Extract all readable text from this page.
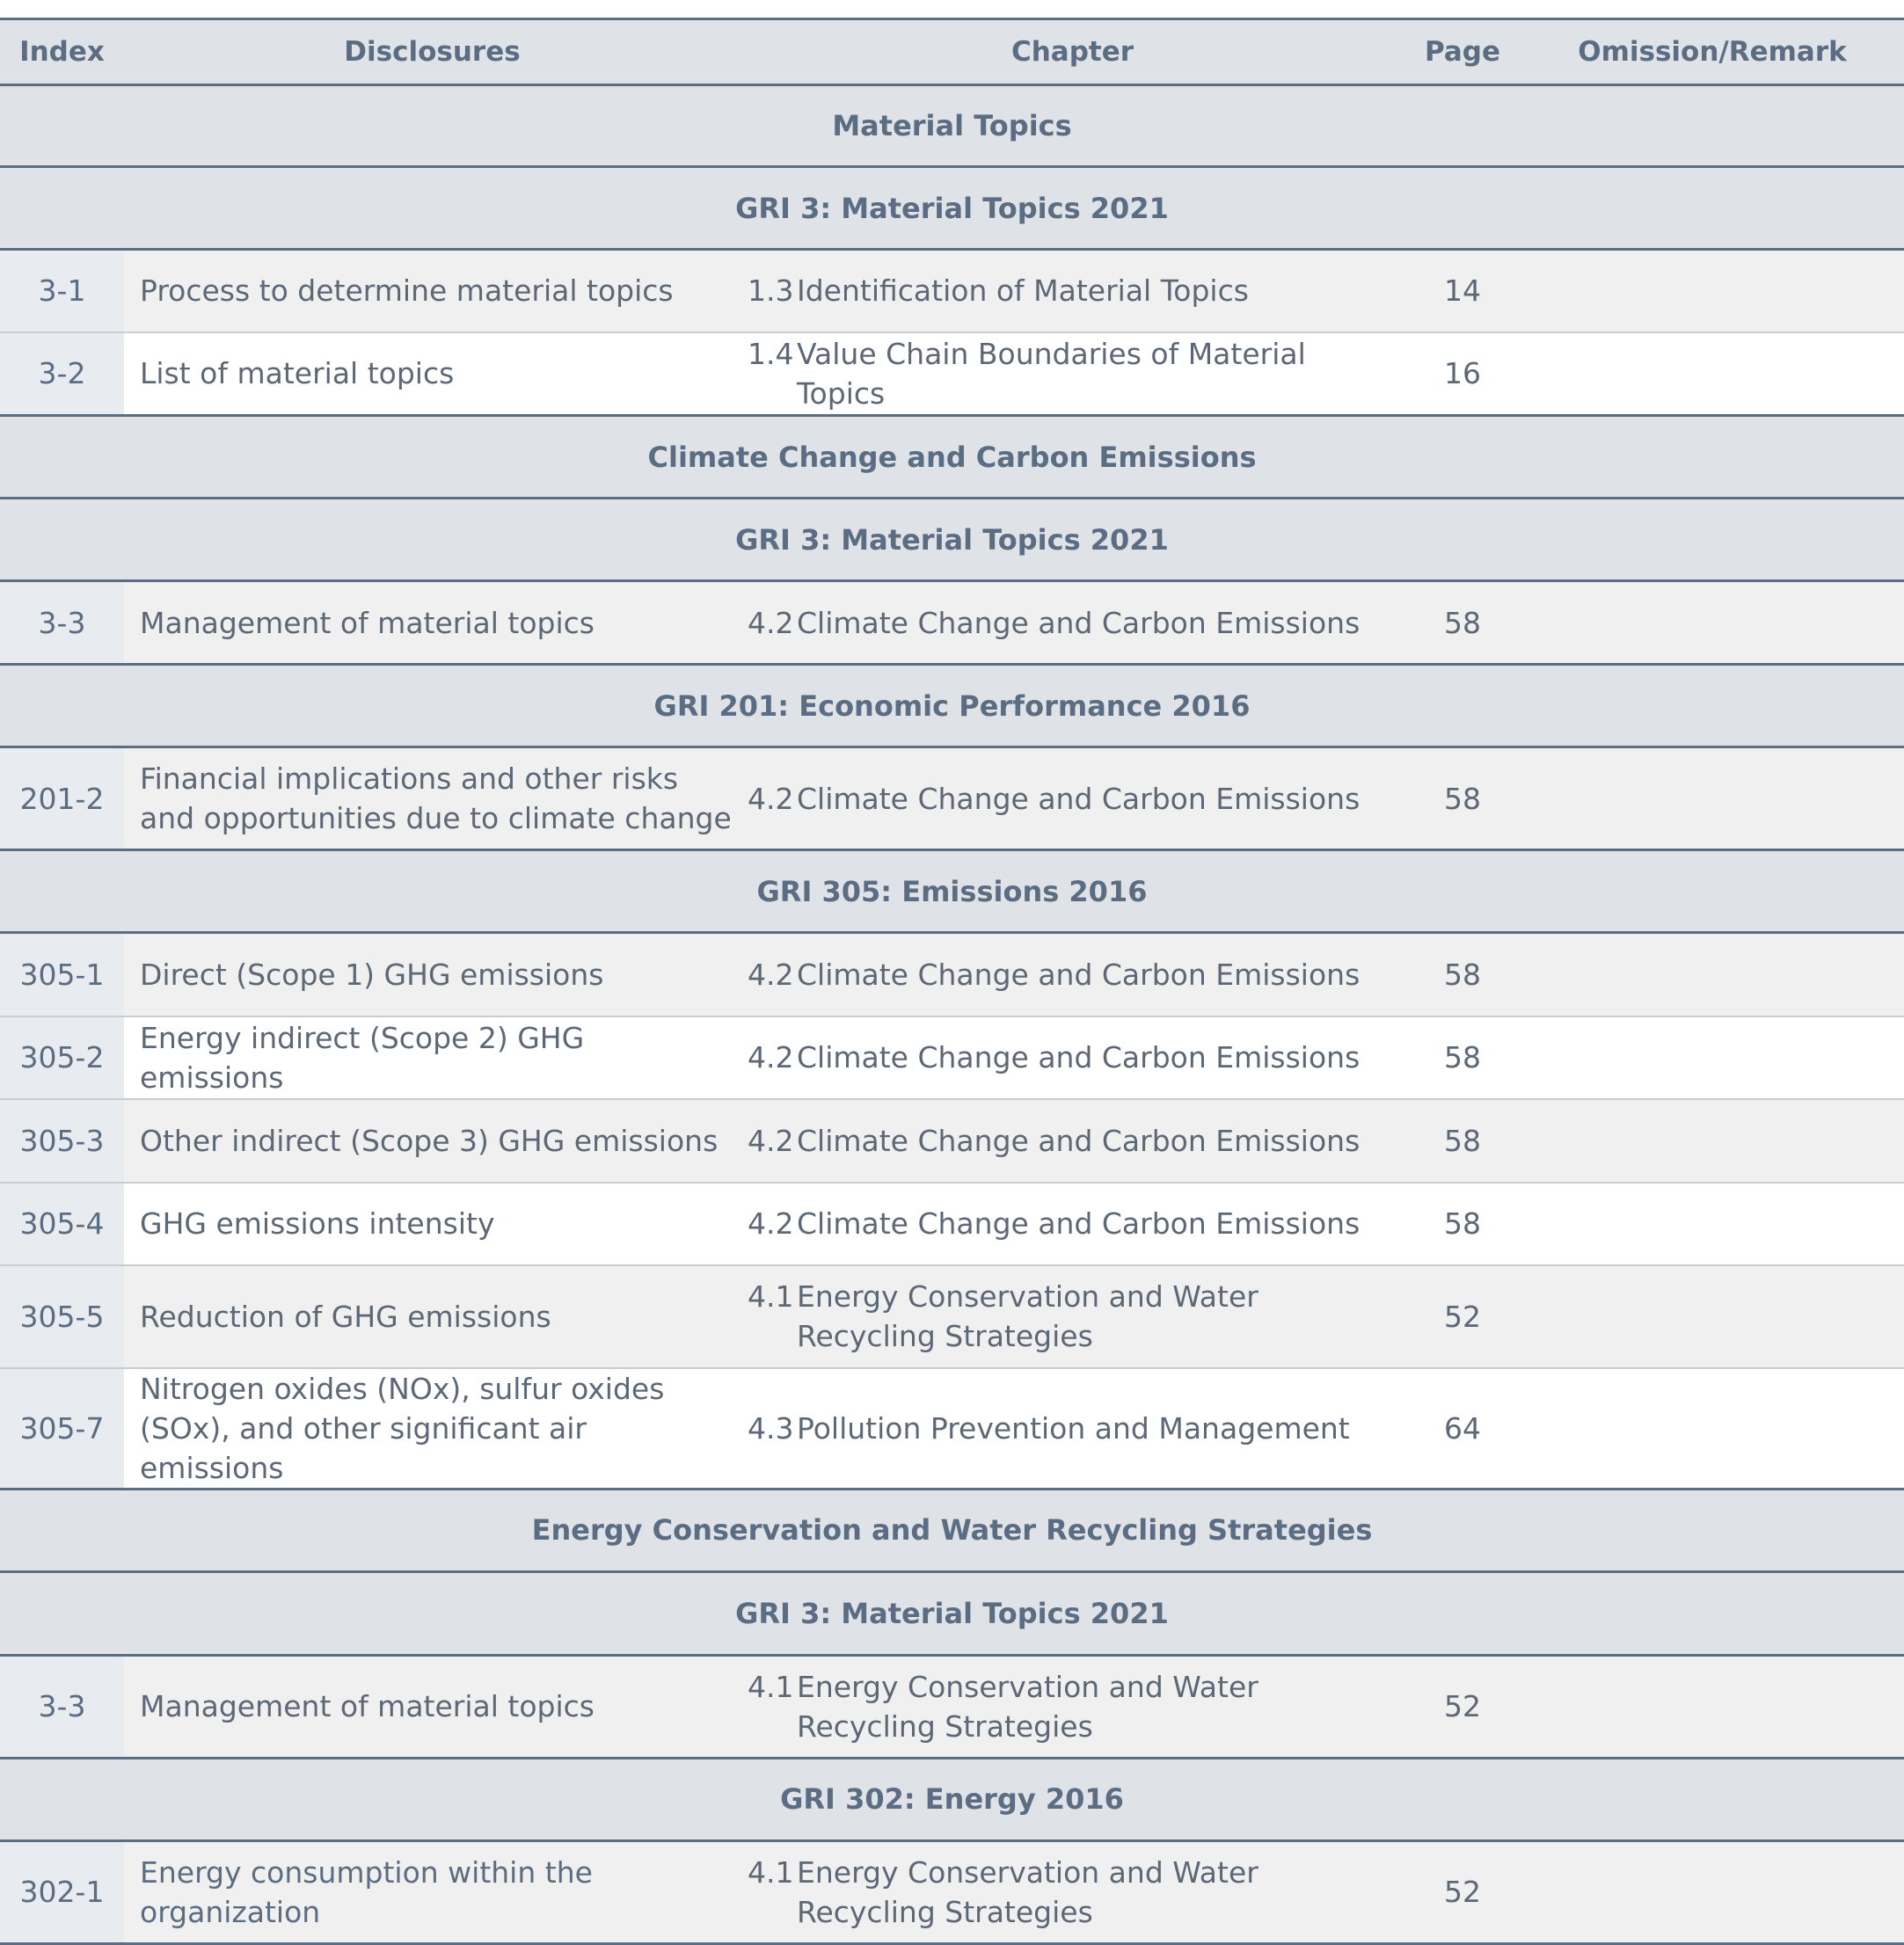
Index	Disclosures	Chapter	Page	Omission/Remark
Material Topics				
GRI 3: Material Topics 2021				
3-1	Process to determine material topics	1.3 Identification of Material Topics	14	
3-2	List of material topics	1.4 Value Chain Boundaries of Material Topics	16	
Climate Change and Carbon Emissions				
GRI 3: Material Topics 2021				
3-3	Management of material topics	4.2 Climate Change and Carbon Emissions	58	
GRI 201: Economic Performance 2016				
201-2	Financial implications and other risks and opportunities due to climate change	4.2 Climate Change and Carbon Emissions	58	
GRI 305: Emissions 2016				
305-1	Direct (Scope 1) GHG emissions	4.2 Climate Change and Carbon Emissions	58	
305-2	Energy indirect (Scope 2) GHG emissions	4.2 Climate Change and Carbon Emissions	58	
305-3	Other indirect (Scope 3) GHG emissions	4.2 Climate Change and Carbon Emissions	58	
305-4	GHG emissions intensity	4.2 Climate Change and Carbon Emissions	58	
305-5	Reduction of GHG emissions	4.1 Energy Conservation and Water Recycling Strategies	52	
305-7	Nitrogen oxides (NOx), sulfur oxides (SOx), and other significant air emissions	4.3 Pollution Prevention and Management	64	
Energy Conservation and Water Recycling Strategies				
GRI 3: Material Topics 2021				
3-3	Management of material topics	4.1 Energy Conservation and Water Recycling Strategies	52	
GRI 302: Energy 2016				
302-1	Energy consumption within the organization	4.1 Energy Conservation and Water Recycling Strategies	52	
